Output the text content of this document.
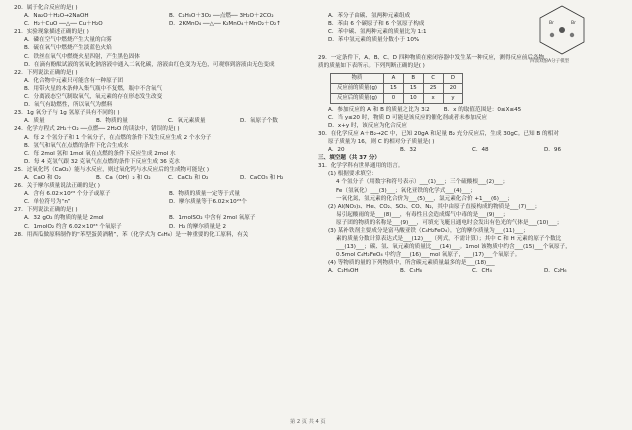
20．属于化合反应的是( )
A．Na₂O＋H₂O→2NaOH	B．C₂H₅O＋3O₂ ──点燃── 3H₂O＋2CO₂
C．H₂＋CuO ──△── Cu＋H₂O	D．2KMnO₄ ──△── K₂MnO₄＋MnO₂＋O₂↑
21．实验现象描述正确的是( )
A．磷在空气中燃烧产生大量的白雾
B．硫在氧气中燃烧产生淡蓝色火焰
C．铁丝在氧气中燃烧火星四射，产生黑色固体
D．在滴有酚酞试液的氢氧化钠溶液中通入二氧化碳，溶液由红色变为无色，可观察到溶液由无色变成
22．下列说法正确的是( )
A．化合物中元素只可能含有一种原子团
B．用带火星的木条伸入集气瓶中不复燃，瓶中不含氧气
C．分离液态空气制取氧气，氧元素的存在形态发生改变
D．氧气有助燃性，所以氧气为燃料
23．1g 氧分子与 1g 氢原子具有不同的( )
A．质量	B．物质的量	C．氧元素质量	D．氧原子个数
24．化学方程式 2H₂＋O₂ ──点燃── 2H₂O 的读法中，错误的是( )
A．每 2 个氢分子和 1 个氧分子，在点燃的条件下发生反应生成 2 个水分子
B．氢气和氧气在点燃的条件下化合生成水
C．每 2mol 氢和 1mol 氧在点燃的条件下反应生成 2mol 水
D．每 4 克氢气跟 32 克氧气在点燃的条件下反应生成 36 克水
25．过氧化钙（CaO₂）能与水反应，则过氧化钙与水反应后的生成物可能是( )
A．CaO 和 O₂	B．Ca（OH）₂ 和 O₂	C．CaCl₂ 和 O₂	D．CaCO₃ 和 H₂
26．关于摩尔质量说法正确的是( )
A．含有 6.02×10²³ 个分子或原子	B．物质的质量一定等于式量
C．单位符号为“n”	D．摩尔质量等于6.02×10²³个
27．下列说法正确的是( )
A．32 gO₂ 的物质的量是 2mol	B．1molSO₂ 中含有 2mol 氧原子
C．1molO₂ 约含 6.02×10²³ 个氧原子	D．H₂ 的摩尔质量是 2
28．用西瓜做原料制作的“苯型蛋黄酒精”，苯（化学式为 C₆H₆）是一种重要的化工原料，有关
A．苯分子由碳、氢两种元素组成
B．苯由 6 个碳原子和 6 个氢原子构成
C．苯中碳、氢两种元素的质量比为 1:1
D．苯中氢元素的质量分数小于 10%
29．一定条件下，A、B、C、D 四种物质在密闭容器中发生某一种反应，测得反应前后各物
质的质量如下表所示。下列判断正确的是( )
物质	A	B	C	D
反应前的质量(g)	15	15	25	20
反应后的质量(g)	0	10	x	y
A．参加反应的 A 和 B 的质量之比为 3∶2	B．x 的取值范围是：0≤X≤45
C．当 y≤20 时，物质 D 可能是该反应的催化剂或者未参加反应
D．x+y 时，该反应为化合反应
30．在化学反应 A＋B₂→2C 中，已知 20gA 和足量 B₂ 充分反应后，生成 30gC。已知 B 的相对
原子质量为 16，则 C 的相对分子质量是( )
A．20	B．32	C．48	D．96
三、填空题（共 37 分）
31．化学学科有世界通用的语言。
(1) 根据要求填空：
4 个氢分子（用数字和符号表示）___(1)___；三个硫酸根___(2)___；
Fe（氢氧化）___(3)___；氧化亚铁的化学式___(4)___；
一氧化氮，氢元素的化合价为___(5)___，氯元素化合价 +1___(6)___；
(2) Al(NO₃)₃、He、CO₂、SO₂、CO、N₂，其中由原子直接构成的物质是___(7)___；
易引起酸雨的是___(8)___，有毒性且会造成煤气中毒的是___(9)___；
原子团的物质的名称是___(9)___，可填充飞艇且通电时会发出有色光的气体是___(10)___；
(3) 某补铁剂主要成分是富马酸亚铁（C₄H₂FeO₄），它的摩尔质量为___(11)___；
素的质量分数计算表达式是___(12)___（列式，不需计算）；其中 C 和 H 元素的原子个数比
___(13)___；碳、氢、氧元素的质量比___(14)___。1mol 该物质中约含___(15)___个氧原子，
0.5mol C₄H₂FeO₄ 中约含___(16)___mol 氧原子，___(17)___个氧原子。
(4) 等物质的量的下列物质中，所含碳元素质量最多的是___(18)___
A．C₂H₅OH	B．C₃H₈	C．CH₄	D．C₂H₆
Br	Br
四溴双酚A分子模型
第 2 页 共 4 页
